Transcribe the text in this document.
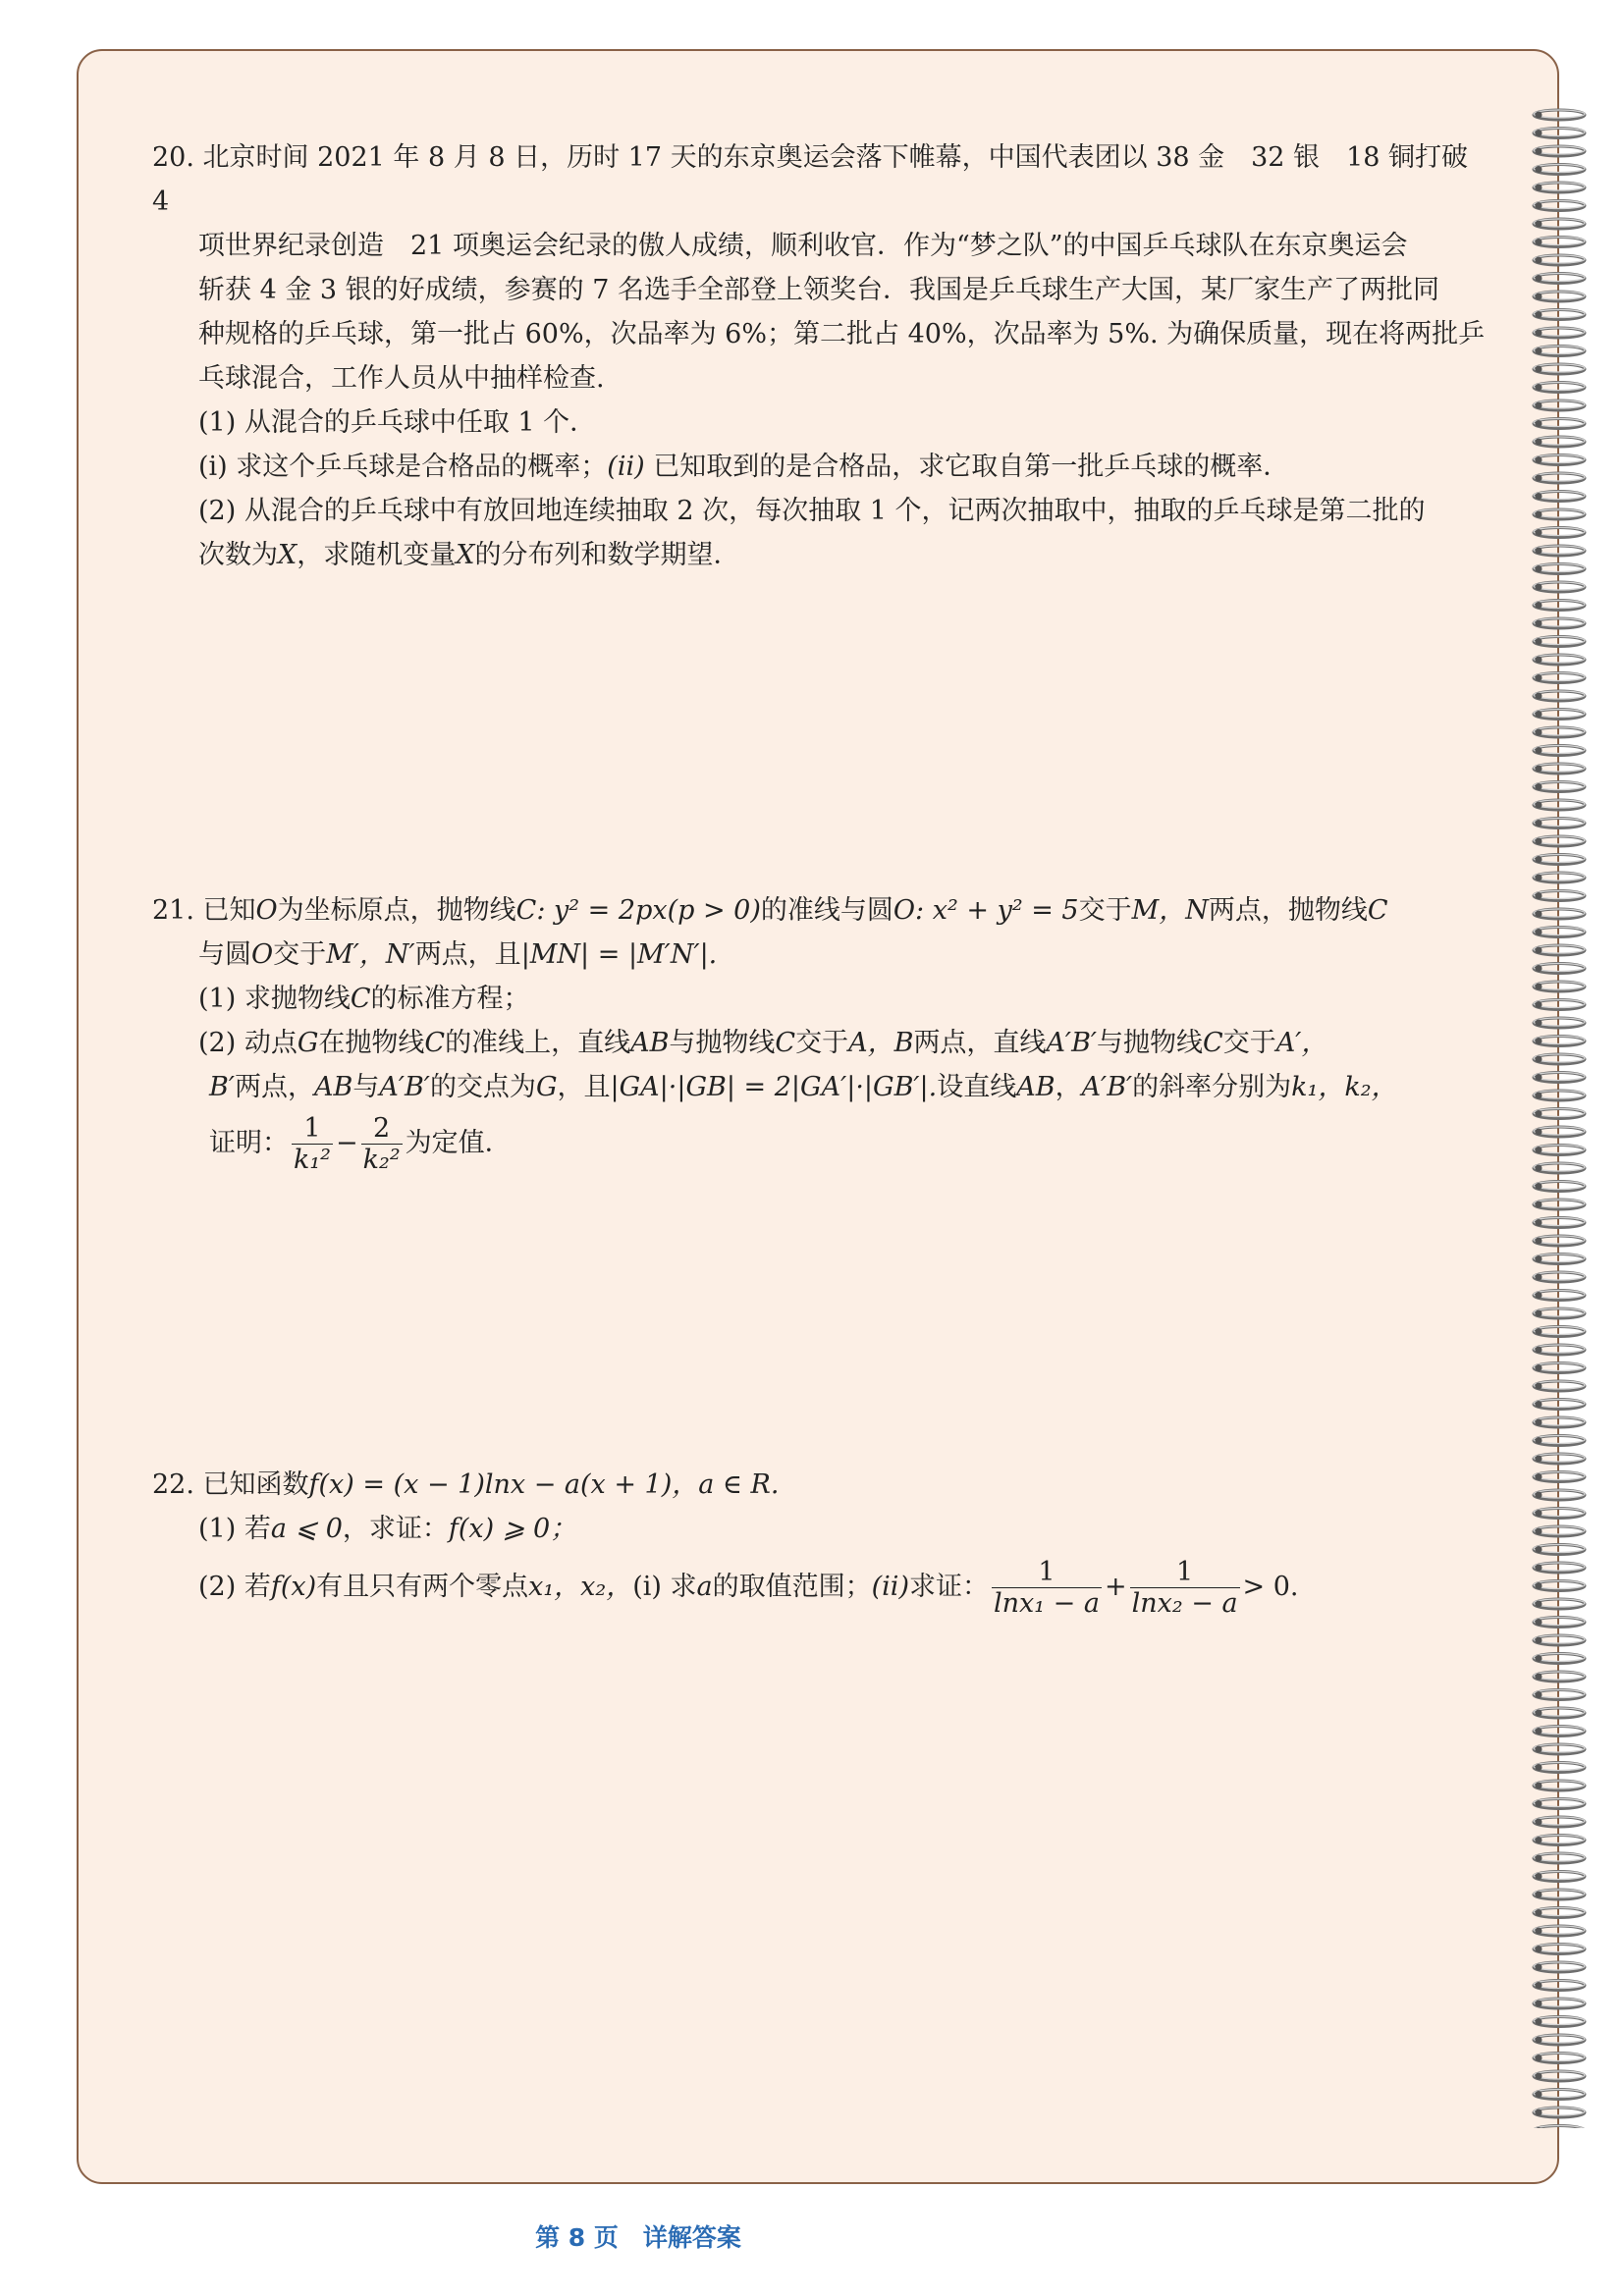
20. 北京时间 2021 年 8 月 8 日，历时 17 天的东京奥运会落下帷幕，中国代表团以 38 金　32 银　18 铜打破　4

项世界纪录创造　21 项奥运会纪录的傲人成绩，顺利收官．作为“梦之队”的中国乒乓球队在东京奥运会

斩获 4 金 3 银的好成绩，参赛的 7 名选手全部登上领奖台．我国是乒乓球生产大国，某厂家生产了两批同

种规格的乒乓球，第一批占 60%，次品率为 6%；第二批占 40%，次品率为 5%. 为确保质量，现在将两批乒

乓球混合，工作人员从中抽样检查.

(1) 从混合的乒乓球中任取 1 个．

(i) 求这个乒乓球是合格品的概率；(ii) 已知取到的是合格品，求它取自第一批乒乓球的概率．

(2) 从混合的乒乓球中有放回地连续抽取 2 次，每次抽取 1 个，记两次抽取中，抽取的乒乓球是第二批的

次数为X，求随机变量X的分布列和数学期望．

21. 已知O为坐标原点，抛物线C: y² = 2px(p > 0)的准线与圆O: x² + y² = 5交于M，N两点，抛物线C

与圆O交于M′，N′两点，且|MN| = |M′N′|.

(1) 求抛物线C的标准方程；

(2) 动点G在抛物线C的准线上，直线AB与抛物线C交于A，B两点，直线A′B′与抛物线C交于A′，

B′两点，AB与A′B′的交点为G，且|GA|·|GB| = 2|GA′|·|GB′|.设直线AB，A′B′的斜率分别为k₁，k₂，

证明： $\frac{1}{\text{k₁²}} - \frac{2}{\text{k₂²}}$ 为定值．

22. 已知函数f(x) = (x − 1)lnx − a(x + 1)，a ∈ R.

(1) 若a ⩽ 0，求证：f(x) ⩾ 0；

(2) 若f(x)有且只有两个零点x₁，x₂，(i) 求a的取值范围；(ii)求证： $\frac{1}{\text{lnx₁ − a}} + \frac{1}{\text{lnx₂ − a}} > 0$.

第 8 页　详解答案
